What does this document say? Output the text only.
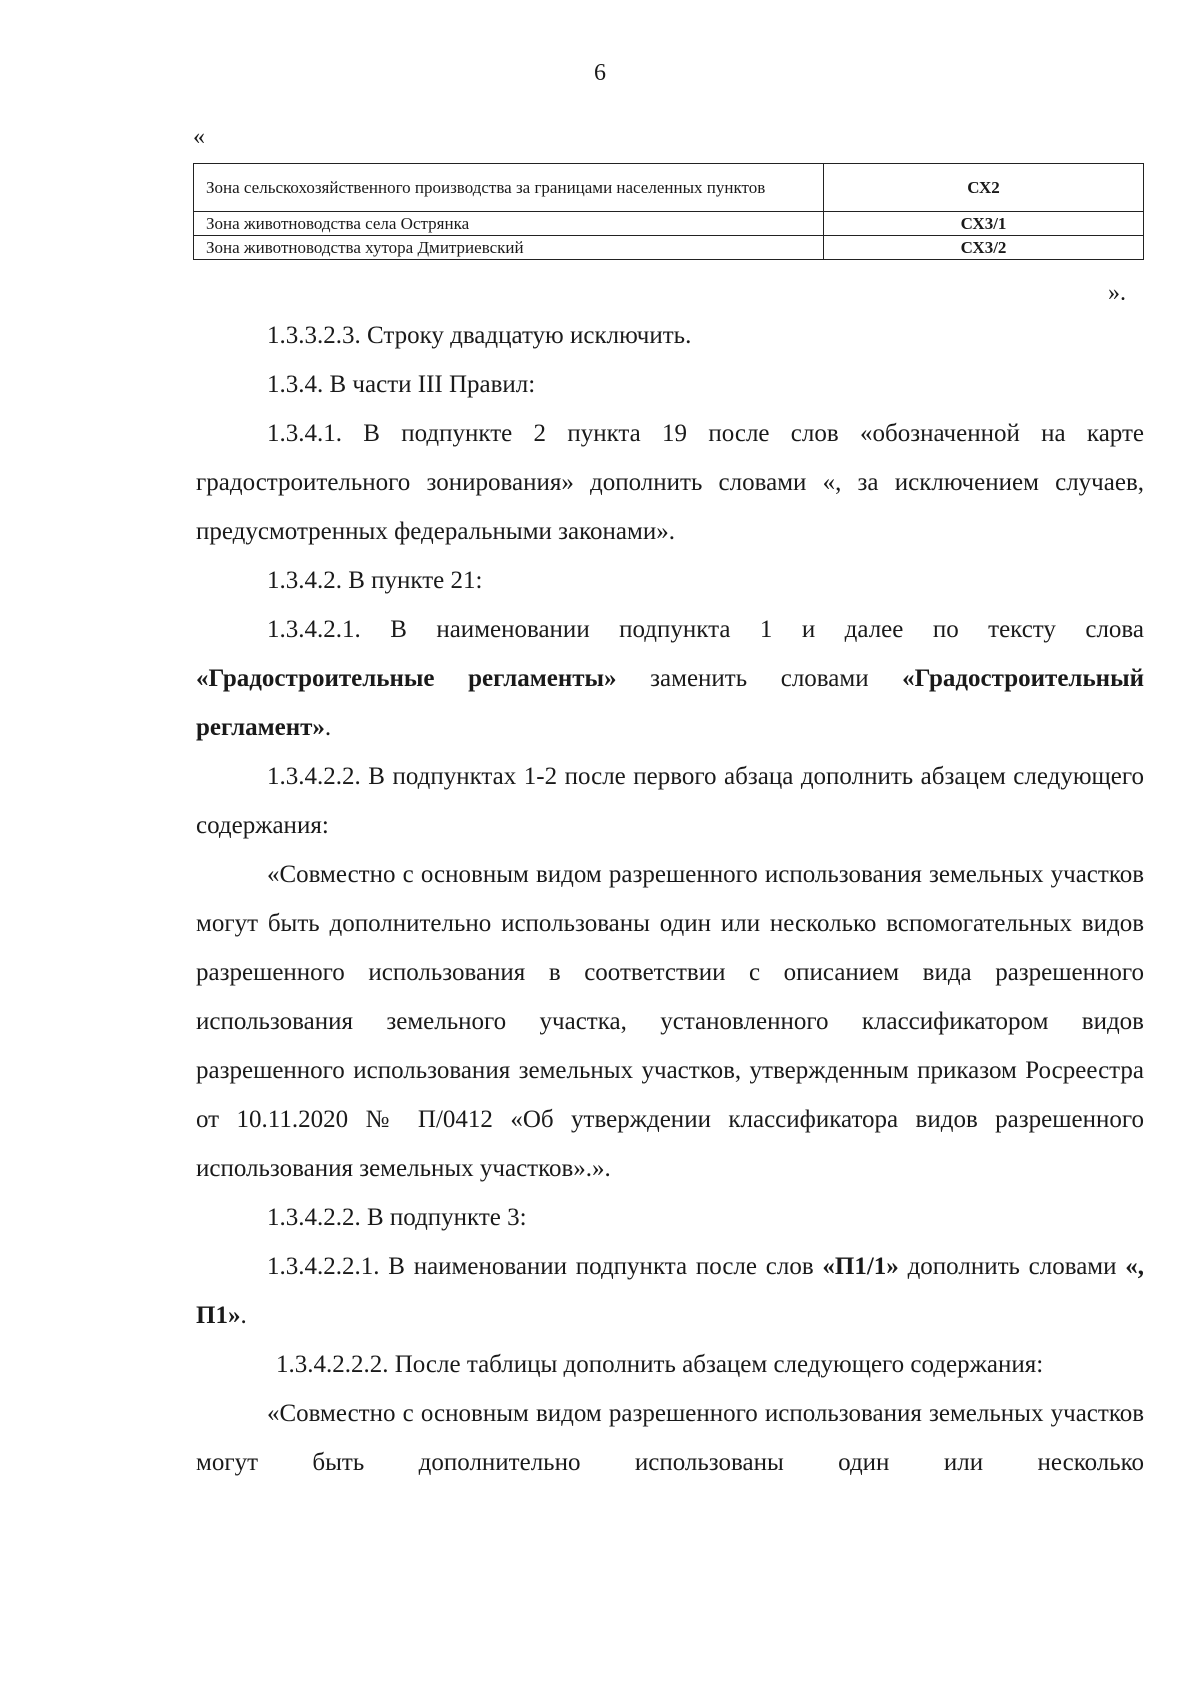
6
«
Зона сельскохозяйственного производства за границами населенных пунктов	СХ2
Зона животноводства села Острянка	СХ3/1
Зона животноводства хутора Дмитриевский	СХ3/2
».

1.3.3.2.3. Строку двадцатую исключить.

1.3.4. В части III Правил:

1.3.4.1. В подпункте 2 пункта 19 после слов «обозначенной на карте градостроительного зонирования» дополнить словами «, за исключением случаев, предусмотренных федеральными законами».

1.3.4.2. В пункте 21:

1.3.4.2.1. В наименовании подпункта 1 и далее по тексту слова «Градостроительные регламенты» заменить словами «Градостроительный регламент».

1.3.4.2.2. В подпунктах 1-2 после первого абзаца дополнить абзацем следующего содержания:

«Совместно с основным видом разрешенного использования земельных участков могут быть дополнительно использованы один или несколько вспомогательных видов разрешенного использования в соответствии с описанием вида разрешенного использования земельного участка, установленного классификатором видов разрешенного использования земельных участков, утвержденным приказом Росреестра от 10.11.2020 № П/0412 «Об утверждении классификатора видов разрешенного использования земельных участков».».

1.3.4.2.2. В подпункте 3:

1.3.4.2.2.1. В наименовании подпункта после слов «П1/1» дополнить словами «, П1».

1.3.4.2.2.2. После таблицы дополнить абзацем следующего содержания:

«Совместно с основным видом разрешенного использования земельных участков могут быть дополнительно использованы один или несколько
